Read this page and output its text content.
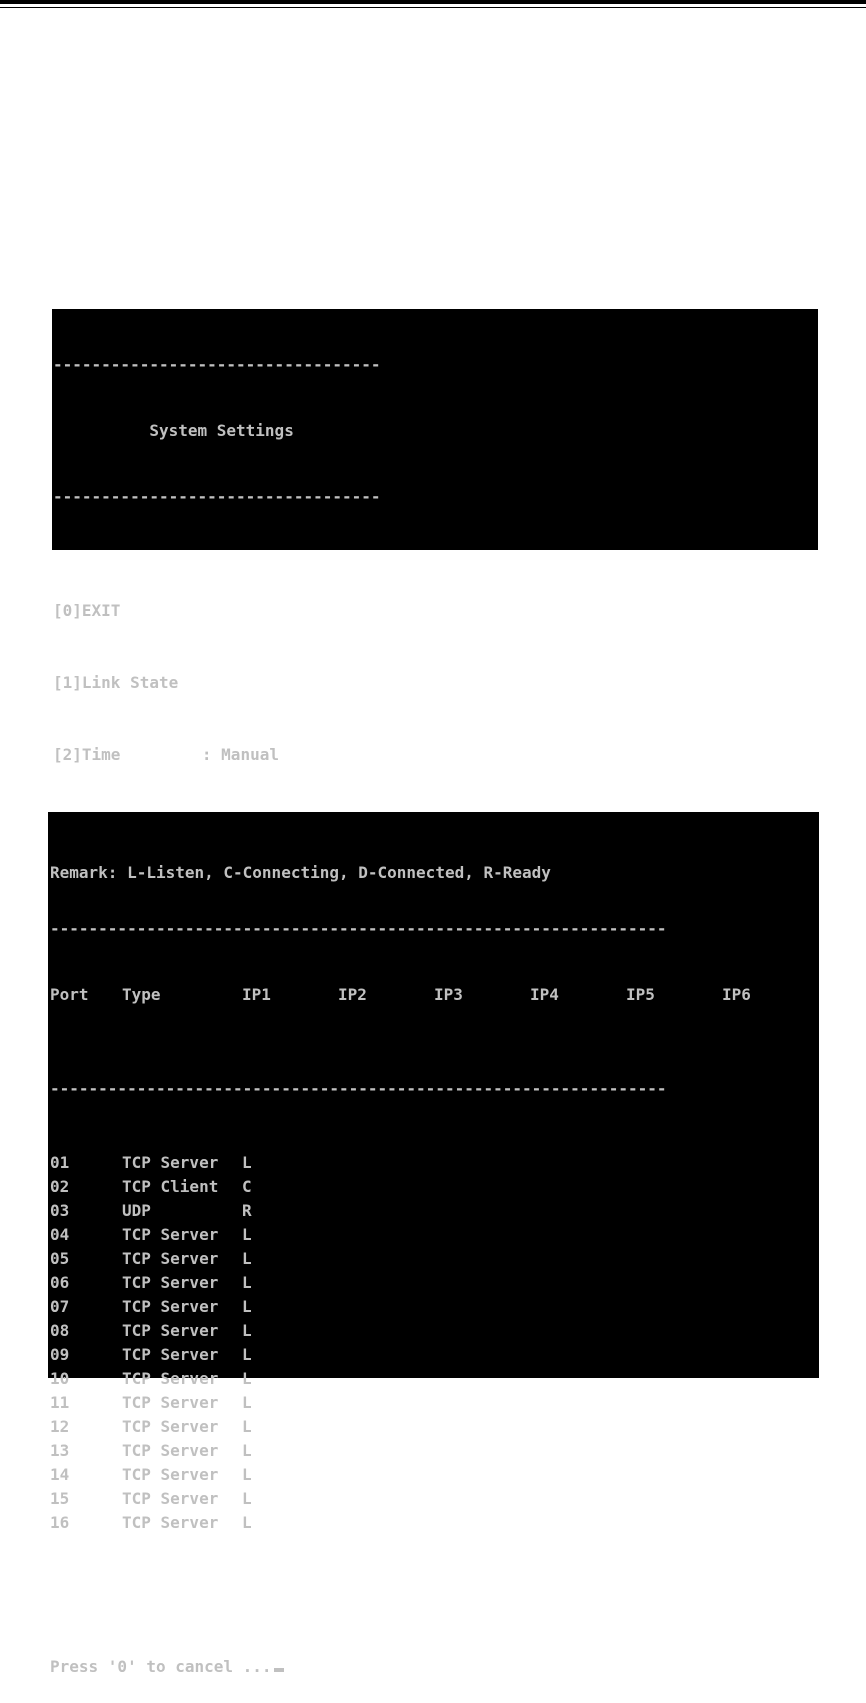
----------------------------------

System Settings

----------------------------------

[0]EXIT

[1]Link State

[2]Time	: Manual

Remark: L-Listen, C-Connecting, D-Connected, R-Ready

----------------------------------------------------------------

Port	Type	IP1	IP2	IP3	IP4	IP5	IP6

----------------------------------------------------------------

01	TCP Server	L
02	TCP Client	C
03	UDP	R
04	TCP Server	L
05	TCP Server	L
06	TCP Server	L
07	TCP Server	L
08	TCP Server	L
09	TCP Server	L
10	TCP Server	L
11	TCP Server	L
12	TCP Server	L
13	TCP Server	L
14	TCP Server	L
15	TCP Server	L
16	TCP Server	L

Press '0' to cancel ...
